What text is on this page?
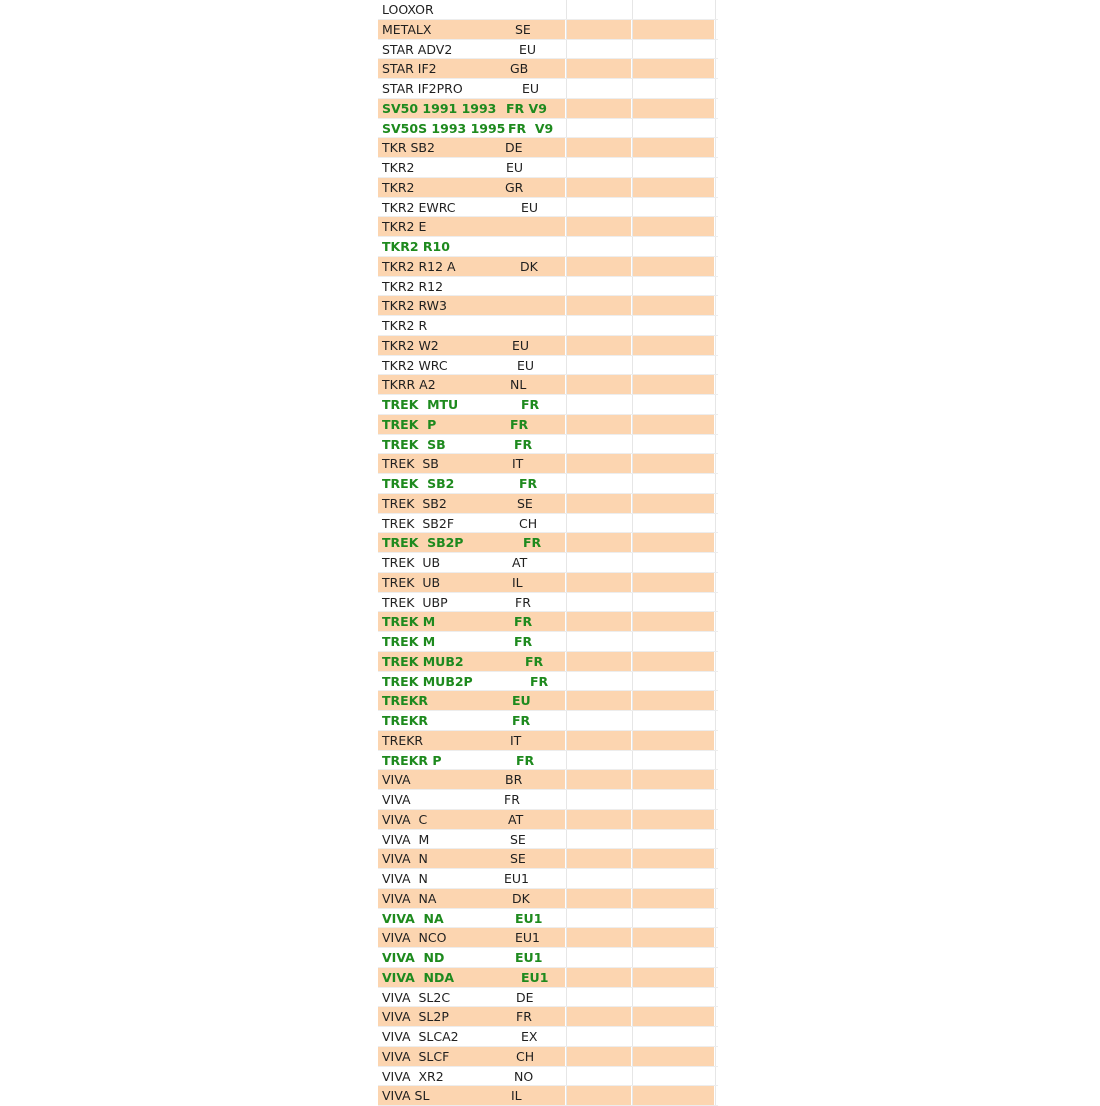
LOOXOR
METALX	SE
STAR ADV2	EU
STAR IF2	GB
STAR IF2PRO	EU
SV50 1991 1993 FR V9
SV50S 1993 1995 FR  V9
TKR SB2	DE
TKR2	EU
TKR2	GR
TKR2 EWRC	EU
TKR2 E
TKR2 R10
TKR2 R12 A	DK
TKR2 R12
TKR2 RW3
TKR2 R
TKR2 W2	EU
TKR2 WRC	EU
TKRR A2	NL
TREK  MTU	FR
TREK  P	FR
TREK  SB	FR
TREK  SB	IT
TREK  SB2	FR
TREK  SB2	SE
TREK  SB2F	CH
TREK  SB2P	FR
TREK  UB	AT
TREK  UB	IL
TREK  UBP	FR
TREK M	FR
TREK M	FR
TREK MUB2	FR
TREK MUB2P	FR
TREKR	EU
TREKR	FR
TREKR	IT
TREKR P	FR
VIVA	BR
VIVA	FR
VIVA  C	AT
VIVA  M	SE
VIVA  N	SE
VIVA  N	EU1
VIVA  NA	DK
VIVA  NA	EU1
VIVA  NCO	EU1
VIVA  ND	EU1
VIVA  NDA	EU1
VIVA  SL2C	DE
VIVA  SL2P	FR
VIVA  SLCA2	EX
VIVA  SLCF	CH
VIVA  XR2	NO
VIVA SL	IL
